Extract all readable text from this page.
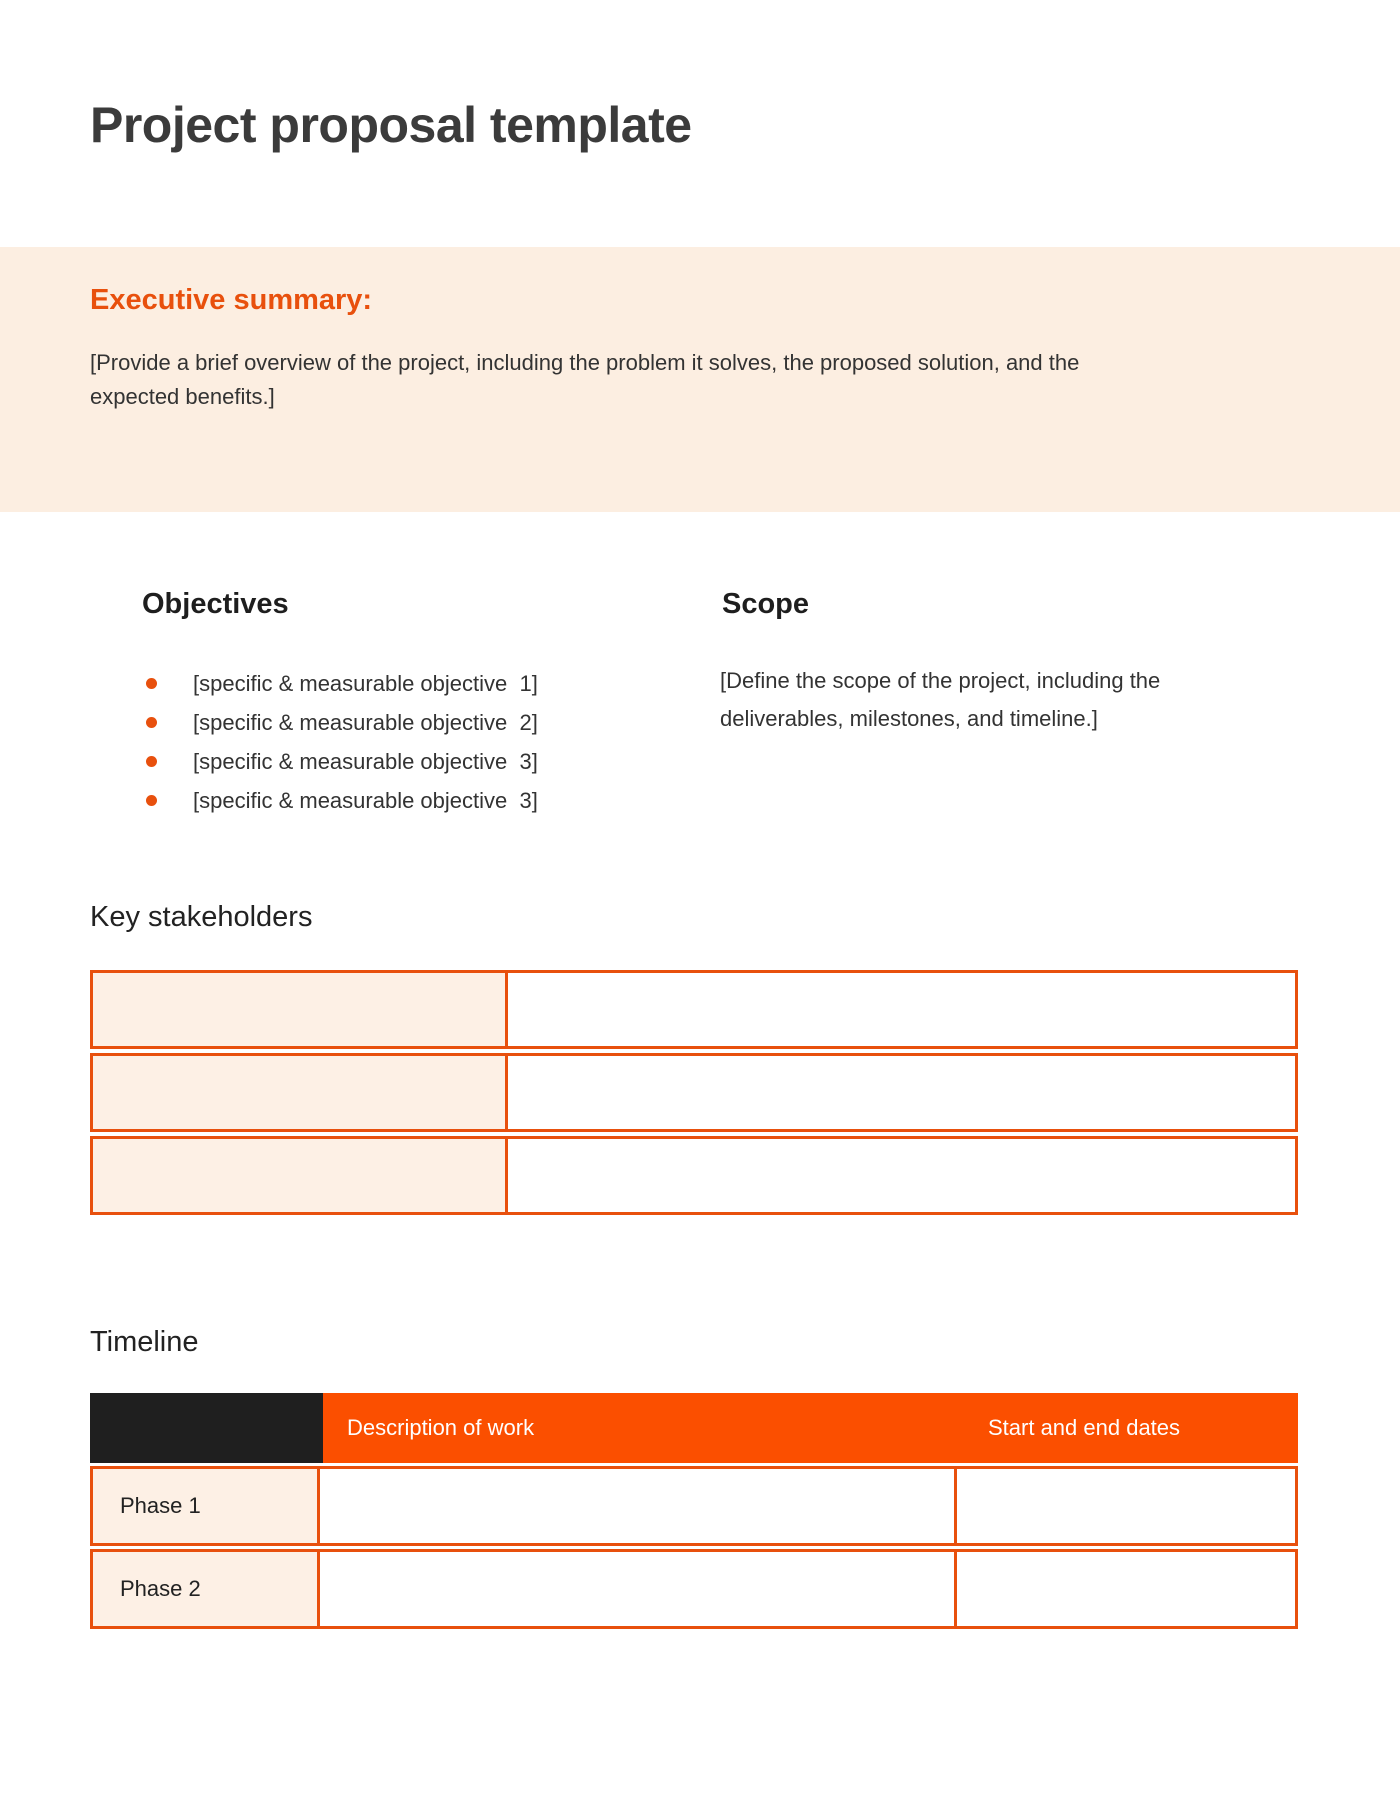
Project proposal template
Executive summary:

[Provide a brief overview of the project, including the problem it solves, the proposed solution, and the expected benefits.]

Objectives
[specific & measurable objective  1]
[specific & measurable objective  2]
[specific & measurable objective  3]
[specific & measurable objective  3]
Scope

[Define the scope of the project, including the deliverables, milestones, and timeline.]

Key stakeholders
Timeline
Description of work	Start and end dates
Phase 1
Phase 2
